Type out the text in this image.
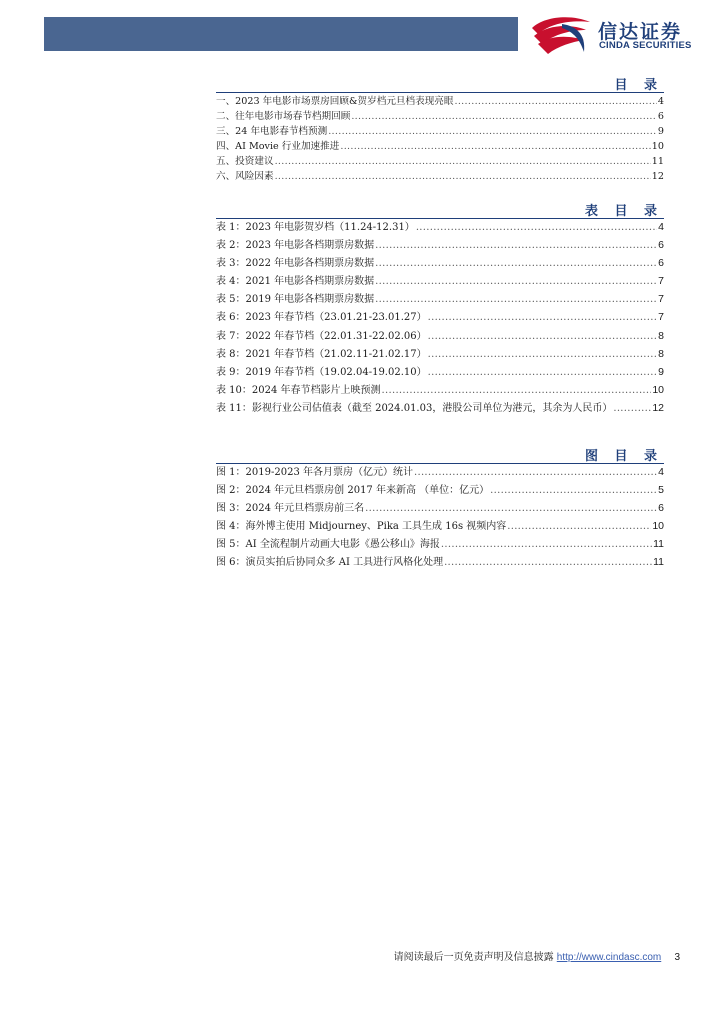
信达证券
CINDA SECURITIES
目 录
一、2023 年电影市场票房回顾&贺岁档元旦档表现亮眼 .....	4
二、往年电影市场春节档期回顾 .....	6
三、24 年电影春节档预测 .....	9
四、AI Movie 行业加速推进 .....	10
五、投资建议 .....	11
六、风险因素 .....	12
表 目 录
表 1：2023 年电影贺岁档（11.24-12.31） .....	4
表 2：2023 年电影各档期票房数据 .....	6
表 3：2022 年电影各档期票房数据 .....	6
表 4：2021 年电影各档期票房数据 .....	7
表 5：2019 年电影各档期票房数据 .....	7
表 6：2023 年春节档（23.01.21-23.01.27） .....	7
表 7：2022 年春节档（22.01.31-22.02.06） .....	8
表 8：2021 年春节档（21.02.11-21.02.17） .....	8
表 9：2019 年春节档（19.02.04-19.02.10） .....	9
表 10：2024 年春节档影片上映预测 .....	10
表 11：影视行业公司估值表（截至 2024.01.03，港股公司单位为港元，其余为人民币） .....	12
图 目 录
图 1：2019-2023 年各月票房（亿元）统计 .....	4
图 2：2024 年元旦档票房创 2017 年来新高 （单位：亿元） .....	5
图 3：2024 年元旦档票房前三名 .....	6
图 4：海外博主使用 Midjourney、Pika 工具生成 16s 视频内容 .....	10
图 5：AI 全流程制片动画大电影《愚公移山》海报 .....	11
图 6：演员实拍后协同众多 AI 工具进行风格化处理 .....	11
请阅读最后一页免责声明及信息披露 http://www.cindasc.com 3
